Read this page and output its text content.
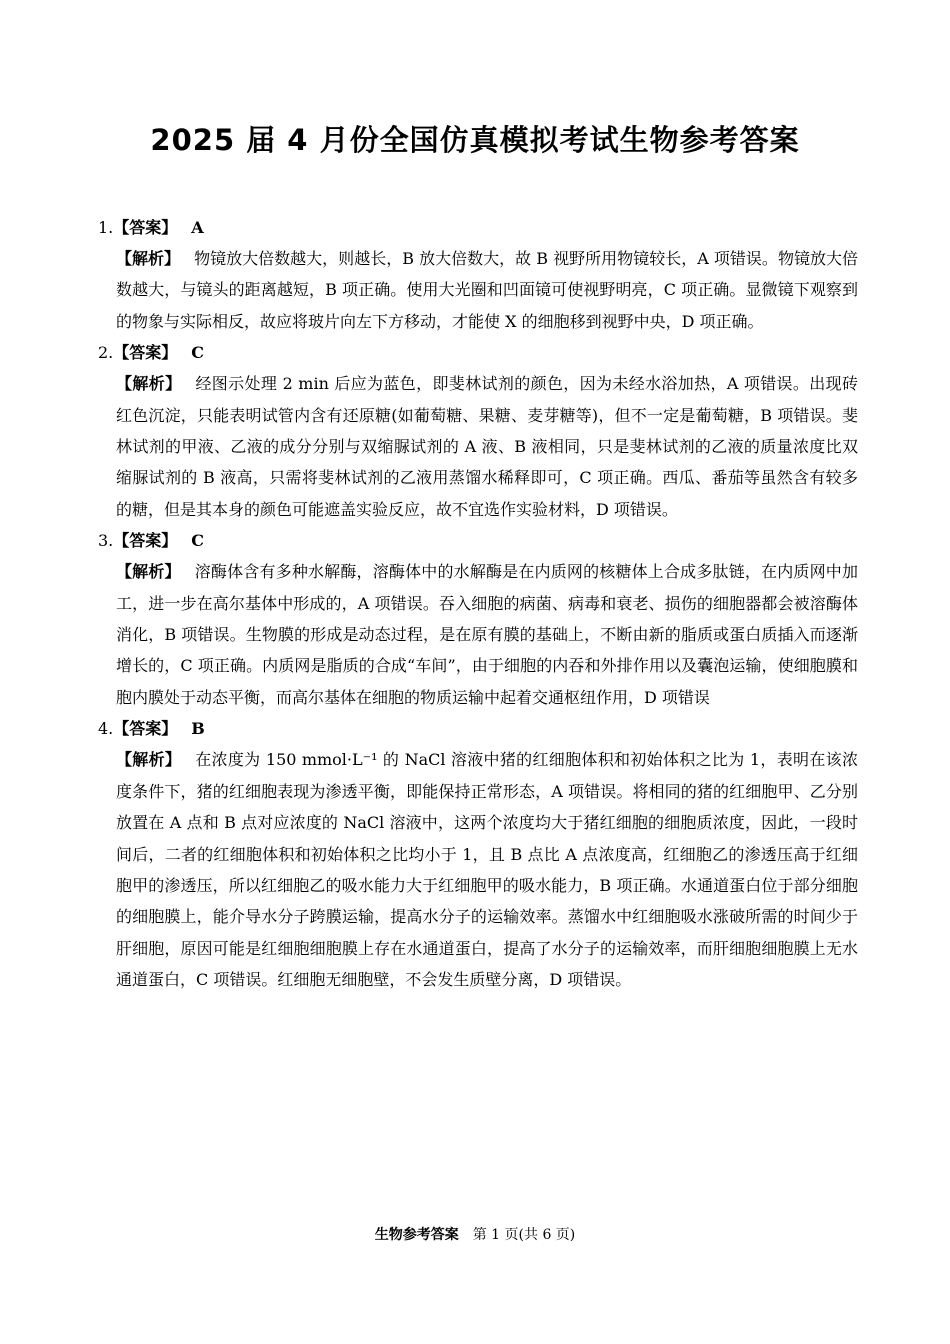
2025 届 4 月份全国仿真模拟考试生物参考答案
1.【答案】 A
【解析】 物镜放大倍数越大，则越长，B 放大倍数大，故 B 视野所用物镜较长，A 项错误。物镜放大倍数越大，与镜头的距离越短，B 项正确。使用大光圈和凹面镜可使视野明亮，C 项正确。显微镜下观察到的物象与实际相反，故应将玻片向左下方移动，才能使 X 的细胞移到视野中央，D 项正确。
2.【答案】 C
【解析】 经图示处理 2 min 后应为蓝色，即斐林试剂的颜色，因为未经水浴加热，A 项错误。出现砖红色沉淀，只能表明试管内含有还原糖(如葡萄糖、果糖、麦芽糖等)，但不一定是葡萄糖，B 项错误。斐林试剂的甲液、乙液的成分分别与双缩脲试剂的 A 液、B 液相同，只是斐林试剂的乙液的质量浓度比双缩脲试剂的 B 液高，只需将斐林试剂的乙液用蒸馏水稀释即可，C 项正确。西瓜、番茄等虽然含有较多的糖，但是其本身的颜色可能遮盖实验反应，故不宜选作实验材料，D 项错误。
3.【答案】 C
【解析】 溶酶体含有多种水解酶，溶酶体中的水解酶是在内质网的核糖体上合成多肽链，在内质网中加工，进一步在高尔基体中形成的，A 项错误。吞入细胞的病菌、病毒和衰老、损伤的细胞器都会被溶酶体消化，B 项错误。生物膜的形成是动态过程，是在原有膜的基础上，不断由新的脂质或蛋白质插入而逐渐增长的，C 项正确。内质网是脂质的合成“车间”，由于细胞的内吞和外排作用以及囊泡运输，使细胞膜和胞内膜处于动态平衡，而高尔基体在细胞的物质运输中起着交通枢纽作用，D 项错误
4.【答案】 B
【解析】 在浓度为 150 mmol·L⁻¹ 的 NaCl 溶液中猪的红细胞体积和初始体积之比为 1，表明在该浓度条件下，猪的红细胞表现为渗透平衡，即能保持正常形态，A 项错误。将相同的猪的红细胞甲、乙分别放置在 A 点和 B 点对应浓度的 NaCl 溶液中，这两个浓度均大于猪红细胞的细胞质浓度，因此，一段时间后，二者的红细胞体积和初始体积之比均小于 1，且 B 点比 A 点浓度高，红细胞乙的渗透压高于红细胞甲的渗透压，所以红细胞乙的吸水能力大于红细胞甲的吸水能力，B 项正确。水通道蛋白位于部分细胞的细胞膜上，能介导水分子跨膜运输，提高水分子的运输效率。蒸馏水中红细胞吸水涨破所需的时间少于肝细胞，原因可能是红细胞细胞膜上存在水通道蛋白，提高了水分子的运输效率，而肝细胞细胞膜上无水通道蛋白，C 项错误。红细胞无细胞壁，不会发生质壁分离，D 项错误。
生物参考答案 第 1 页(共 6 页)
